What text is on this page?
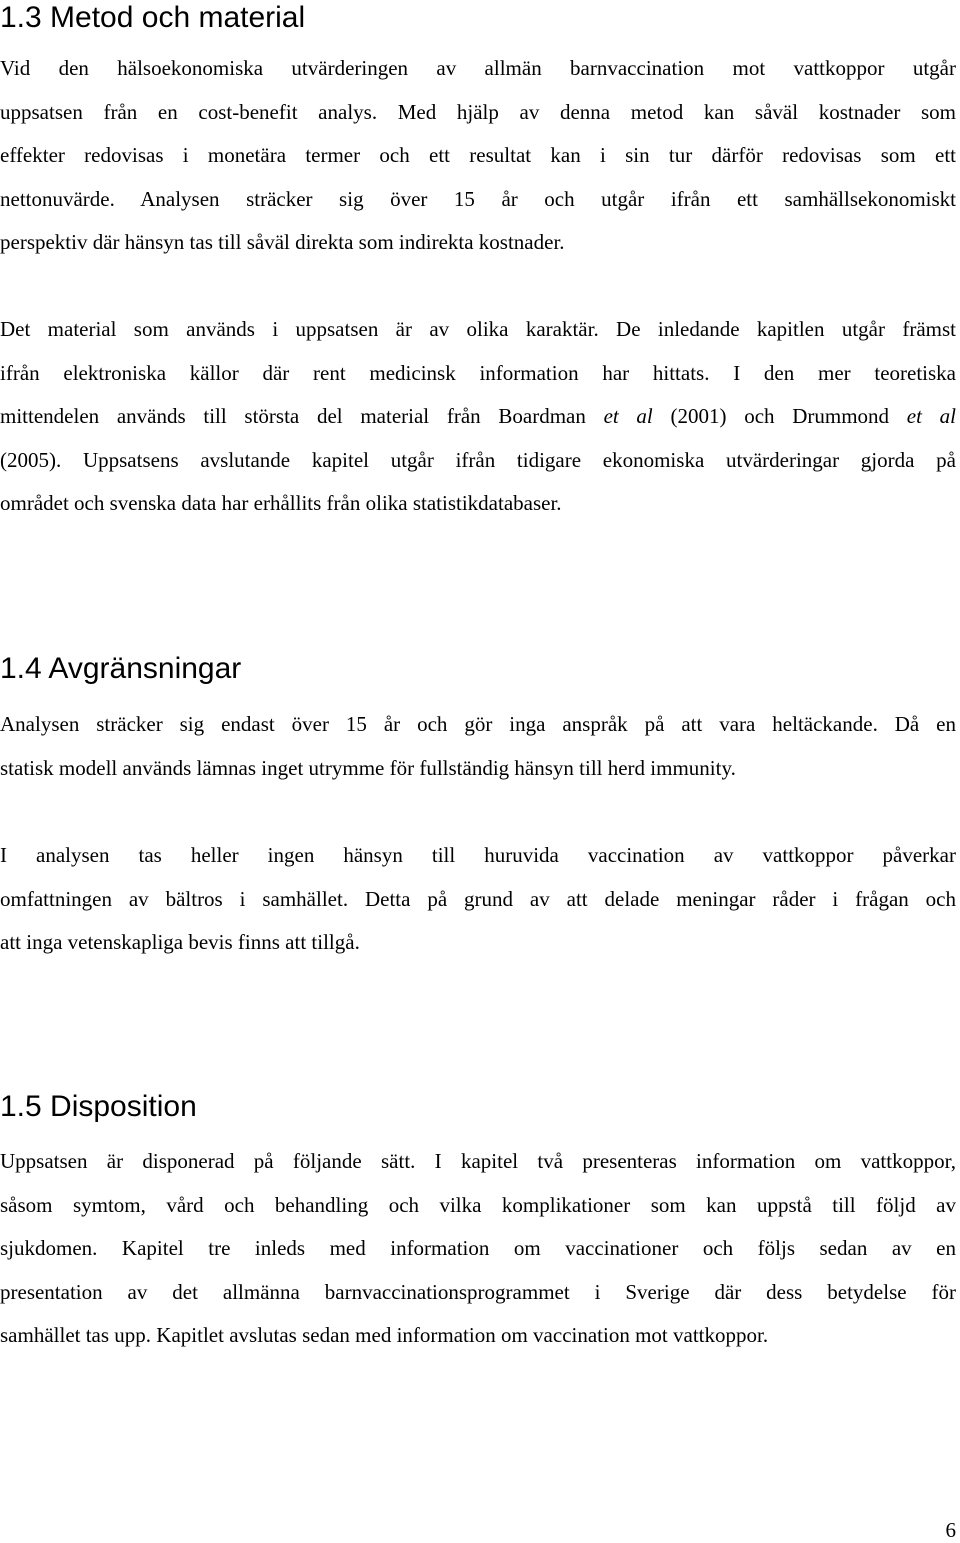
1.3 Metod och material
Vid den hälsoekonomiska utvärderingen av allmän barnvaccination mot vattkoppor utgår
uppsatsen från en cost-benefit analys. Med hjälp av denna metod kan såväl kostnader som
effekter redovisas i monetära termer och ett resultat kan i sin tur därför redovisas som ett
nettonuvärde. Analysen sträcker sig över 15 år och utgår ifrån ett samhällsekonomiskt
perspektiv där hänsyn tas till såväl direkta som indirekta kostnader.
Det material som används i uppsatsen är av olika karaktär. De inledande kapitlen utgår främst
ifrån elektroniska källor där rent medicinsk information har hittats. I den mer teoretiska
mittendelen används till största del material från Boardman et al (2001) och Drummond et al
(2005). Uppsatsens avslutande kapitel utgår ifrån tidigare ekonomiska utvärderingar gjorda på
området och svenska data har erhållits från olika statistikdatabaser.
1.4 Avgränsningar
Analysen sträcker sig endast över 15 år och gör inga anspråk på att vara heltäckande. Då en
statisk modell används lämnas inget utrymme för fullständig hänsyn till herd immunity.
I analysen tas heller ingen hänsyn till huruvida vaccination av vattkoppor påverkar
omfattningen av bältros i samhället. Detta på grund av att delade meningar råder i frågan och
att inga vetenskapliga bevis finns att tillgå.
1.5 Disposition
Uppsatsen är disponerad på följande sätt. I kapitel två presenteras information om vattkoppor,
såsom symtom, vård och behandling och vilka komplikationer som kan uppstå till följd av
sjukdomen. Kapitel tre inleds med information om vaccinationer och följs sedan av en
presentation av det allmänna barnvaccinationsprogrammet i Sverige där dess betydelse för
samhället tas upp. Kapitlet avslutas sedan med information om vaccination mot vattkoppor.

6
